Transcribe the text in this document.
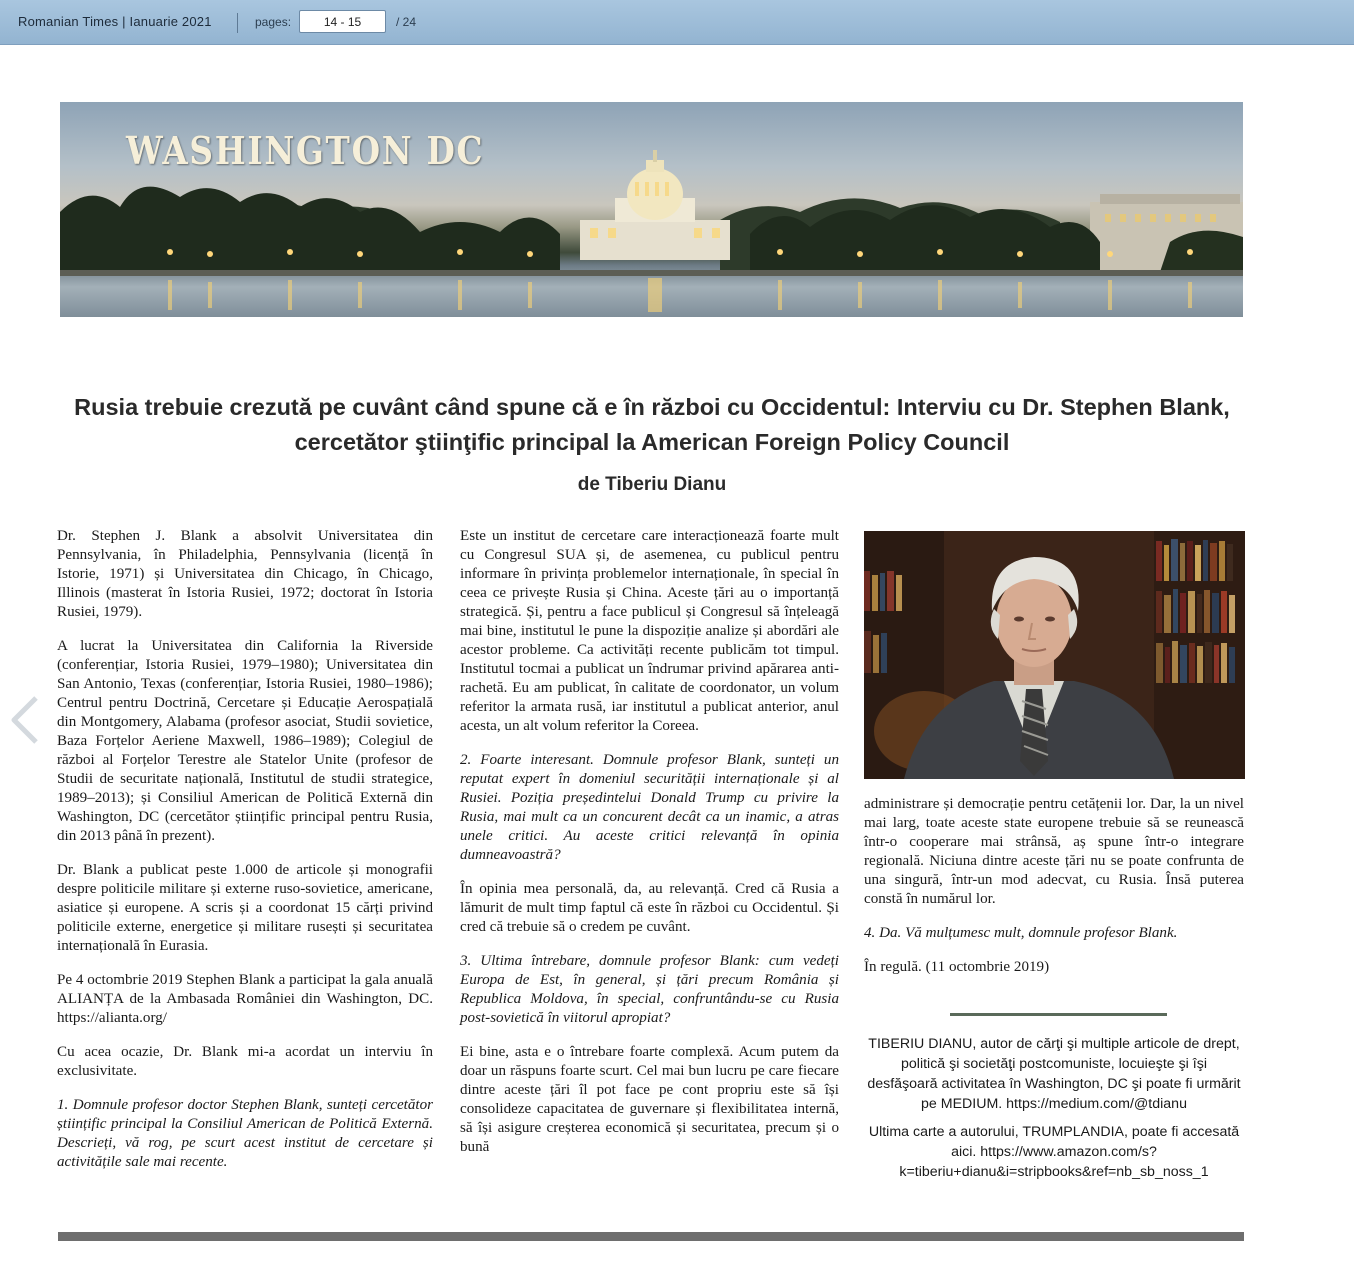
Romanian Times | Ianuarie 2021	pages:
14 - 15	/ 24
WASHINGTON DC
Rusia trebuie crezută pe cuvânt când spune că e în război cu Occidentul: Interviu cu Dr. Stephen Blank,
cercetător ştiinţific principal la American Foreign Policy Council
de Tiberiu Dianu

Dr. Stephen J. Blank a absolvit Universitatea din Pennsylvania, în Philadelphia, Pennsylvania (licență în Istorie, 1971) și Universitatea din Chicago, în Chicago, Illinois (masterat în Istoria Rusiei, 1972; doctorat în Istoria Rusiei, 1979).

A lucrat la Universitatea din California la Riverside (conferențiar, Istoria Rusiei, 1979–1980); Universitatea din San Antonio, Texas (conferențiar, Istoria Rusiei, 1980–1986); Centrul pentru Doctrină, Cercetare și Educație Aerospațială din Montgomery, Alabama (profesor asociat, Studii sovietice, Baza Forțelor Aeriene Maxwell, 1986–1989); Colegiul de război al Forțelor Terestre ale Statelor Unite (profesor de Studii de securitate națională, Institutul de studii strategice, 1989–2013); și Consiliul American de Politică Externă din Washington, DC (cercetător științific principal pentru Rusia, din 2013 până în prezent).

Dr. Blank a publicat peste 1.000 de articole și monografii despre politicile militare și externe ruso-sovietice, americane, asiatice și europene. A scris și a coordonat 15 cărți privind politicile externe, energetice și militare rusești și securitatea internațională în Eurasia.

Pe 4 octombrie 2019 Stephen Blank a participat la gala anuală ALIANȚA de la Ambasada României din Washington, DC. https://alianta.org/

Cu acea ocazie, Dr. Blank mi-a acordat un interviu în exclusivitate.

1. Domnule profesor doctor Stephen Blank, sunteți cercetător științific principal la Consiliul American de Politică Externă. Descrieți, vă rog, pe scurt acest institut de cercetare și activitățile sale mai recente.

Este un institut de cercetare care interacționează foarte mult cu Congresul SUA și, de asemenea, cu publicul pentru informare în privința problemelor internaționale, în special în ceea ce privește Rusia și China. Aceste țări au o importanță strategică. Și, pentru a face publicul și Congresul să înțeleagă mai bine, institutul le pune la dispoziție analize și abordări ale acestor probleme. Ca activități recente publicăm tot timpul. Institutul tocmai a publicat un îndrumar privind apărarea anti-rachetă. Eu am publicat, în calitate de coordonator, un volum referitor la armata rusă, iar institutul a publicat anterior, anul acesta, un alt volum referitor la Coreea.

2. Foarte interesant. Domnule profesor Blank, sunteți un reputat expert în domeniul securității internaționale și al Rusiei. Poziția președintelui Donald Trump cu privire la Rusia, mai mult ca un concurent decât ca un inamic, a atras unele critici. Au aceste critici relevanță în opinia dumneavoastră?

În opinia mea personală, da, au relevanță. Cred că Rusia a lămurit de mult timp faptul că este în război cu Occidentul. Și cred că trebuie să o credem pe cuvânt.

3. Ultima întrebare, domnule profesor Blank: cum vedeți Europa de Est, în general, și țări precum România și Republica Moldova, în special, confruntându-se cu Rusia post-sovietică în viitorul apropiat?

Ei bine, asta e o întrebare foarte complexă. Acum putem da doar un răspuns foarte scurt. Cel mai bun lucru pe care fiecare dintre aceste țări îl pot face pe cont propriu este să își consolideze capacitatea de guvernare și flexibilitatea internă, să își asigure creșterea economică și securitatea, precum și o bună

administrare și democrație pentru cetățenii lor. Dar, la un nivel mai larg, toate aceste state europene trebuie să se reunească într-o cooperare mai strânsă, aș spune într-o integrare regională. Niciuna dintre aceste țări nu se poate confrunta de una singură, într-un mod adecvat, cu Rusia. Însă puterea constă în numărul lor.

4. Da. Vă mulțumesc mult, domnule profesor Blank.

În regulă. (11 octombrie 2019)

TIBERIU DIANU, autor de cărţi şi multiple articole de drept, politică şi societăţi postcomuniste, locuieşte şi îşi desfăşoară activitatea în Washington, DC şi poate fi urmărit pe MEDIUM. https://medium.com/@tdianu

Ultima carte a autorului, TRUMPLANDIA, poate fi accesată aici. https://www.amazon.com/s?k=tiberiu+dianu&i=stripbooks&ref=nb_sb_noss_1
